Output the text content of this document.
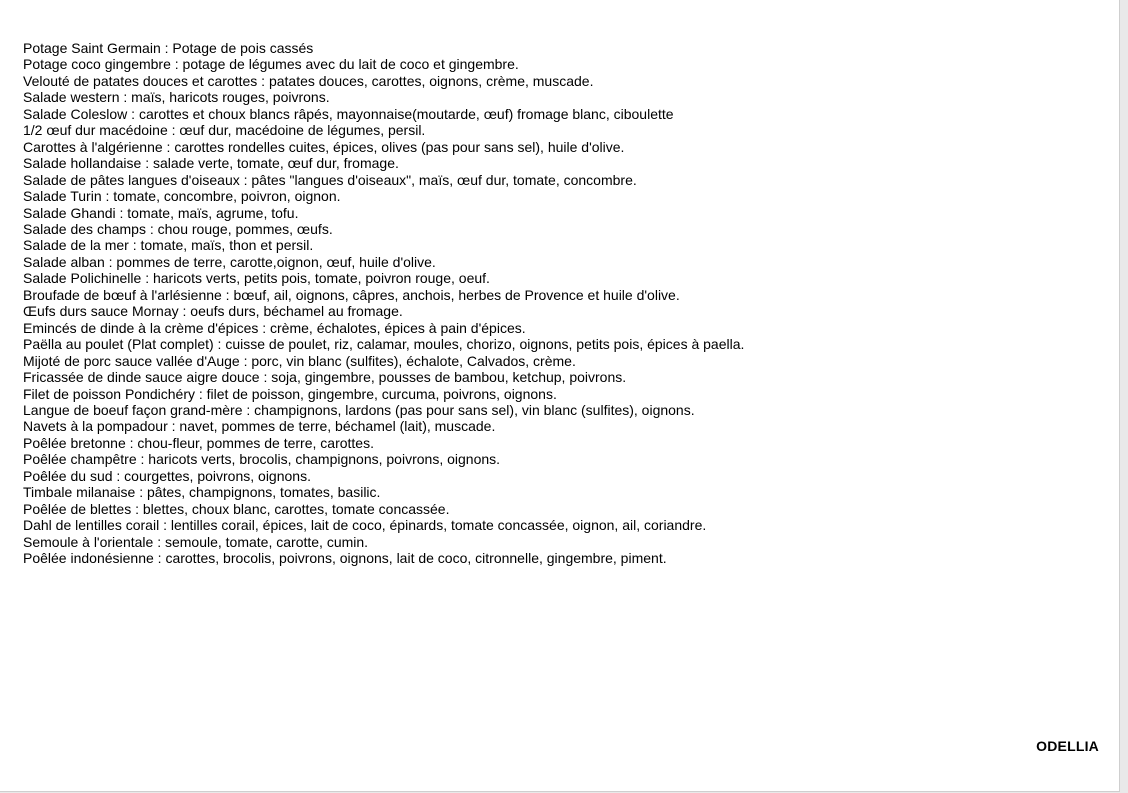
Potage Saint Germain : Potage de pois cassés
Potage coco gingembre : potage de légumes avec du lait de coco et gingembre.
Velouté de patates douces et carottes : patates douces, carottes, oignons, crème, muscade.
Salade western : maïs, haricots rouges, poivrons.
Salade Coleslow : carottes et choux blancs râpés, mayonnaise(moutarde, œuf) fromage blanc, ciboulette
1/2 œuf dur macédoine : œuf dur, macédoine de légumes, persil.
Carottes à l'algérienne : carottes rondelles cuites, épices, olives (pas pour sans sel), huile d'olive.
Salade hollandaise : salade verte, tomate, œuf dur, fromage.
Salade de pâtes langues d'oiseaux : pâtes "langues d'oiseaux", maïs, œuf dur, tomate, concombre.
Salade Turin : tomate, concombre, poivron, oignon.
Salade Ghandi : tomate, maïs, agrume, tofu.
Salade des champs : chou rouge, pommes, œufs.
Salade de la mer : tomate, maïs, thon et persil.
Salade alban : pommes de terre, carotte,oignon, œuf, huile d'olive.
Salade Polichinelle : haricots verts, petits pois, tomate, poivron rouge, oeuf.
Broufade de bœuf à l'arlésienne : bœuf, ail, oignons, câpres, anchois, herbes de Provence et huile d'olive.
Œufs durs sauce Mornay : oeufs durs, béchamel au fromage.
Emincés de dinde à la crème d'épices : crème, échalotes, épices à pain d'épices.
Paëlla au poulet (Plat complet) : cuisse de poulet, riz, calamar, moules, chorizo, oignons, petits pois, épices à paella.
Mijoté de porc sauce vallée d'Auge : porc, vin blanc (sulfites), échalote, Calvados, crème.
Fricassée de dinde sauce aigre douce : soja, gingembre, pousses de bambou, ketchup, poivrons.
Filet de poisson Pondichéry : filet de poisson, gingembre, curcuma, poivrons, oignons.
Langue de boeuf façon grand-mère : champignons, lardons (pas pour sans sel), vin blanc (sulfites), oignons.
Navets à la pompadour : navet, pommes de terre, béchamel (lait), muscade.
Poêlée bretonne : chou-fleur, pommes de terre, carottes.
Poêlée champêtre : haricots verts, brocolis, champignons, poivrons, oignons.
Poêlée du sud : courgettes, poivrons, oignons.
Timbale milanaise : pâtes, champignons, tomates, basilic.
Poêlée de blettes : blettes, choux blanc, carottes, tomate concassée.
Dahl de lentilles corail : lentilles corail, épices, lait de coco, épinards, tomate concassée, oignon, ail, coriandre.
Semoule à l'orientale : semoule, tomate, carotte, cumin.
Poêlée indonésienne : carottes, brocolis, poivrons, oignons, lait de coco, citronnelle, gingembre, piment.
ODELLIA
